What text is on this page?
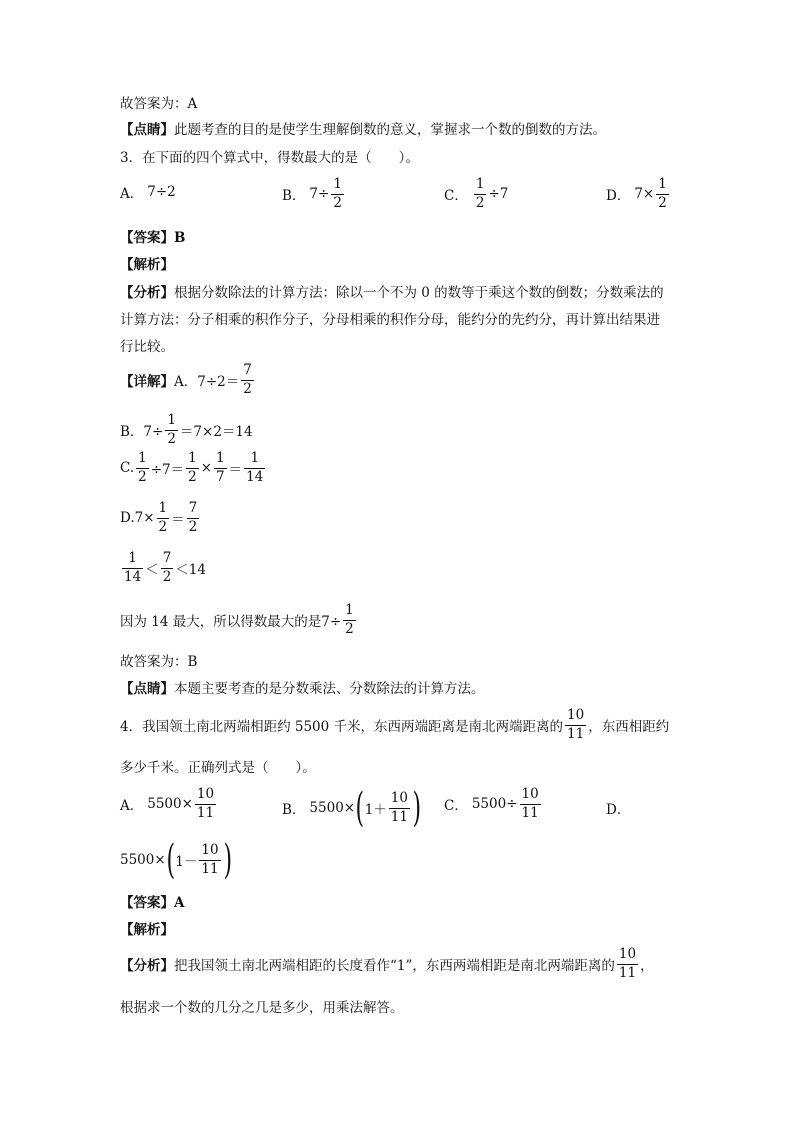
故答案为：A
【点睛】此题考查的目的是使学生理解倒数的意义，掌握求一个数的倒数的方法。
3．在下面的四个算式中，得数最大的是（　　）。
A． 7÷2	B． $7\div \frac{1}{2}$	C． $\frac{1}{2} \div 7$	D． $7\times \frac{1}{2}$
【答案】B
【解析】
【分析】根据分数除法的计算方法：除以一个不为 0 的数等于乘这个数的倒数；分数乘法的
计算方法：分子相乘的积作分子，分母相乘的积作分母，能约分的先约分，再计算出结果进
行比较。
【详解】 A．$7\div 2= \frac{7}{2}$
B．$7\div \frac{1}{2} =7\times 2=14$
C. $\frac{1}{2} \div 7= \frac{1}{2} \times \frac{1}{7} = \frac{1}{14}$
$D.7\times \frac{1}{2} = \frac{7}{2}$
$\frac{1}{14} < \frac{7}{2} <14$
因为 14 最大，所以得数最大的是$7\div \frac{1}{2}$
故答案为：B
【点睛】本题主要考查的是分数乘法、分数除法的计算方法。
4．我国领土南北两端相距约 5500 千米，东西两端距离是南北两端距离的 $\frac{10}{11}$ ，东西相距约
多少千米。正确列式是（　　）。
A． $5500\times \frac{10}{11}$	B． 5500× ( $1+ \frac{10}{11}$ ) C． $5500\div \frac{10}{11}$	D．
5500× ( $1- \frac{10}{11}$ )
【答案】A
【解析】
【分析】 把我国领土南北两端相距的长度看作“1”，东西两端相距是南北两端距离的 $\frac{10}{11}$ ，
根据求一个数的几分之几是多少，用乘法解答。
